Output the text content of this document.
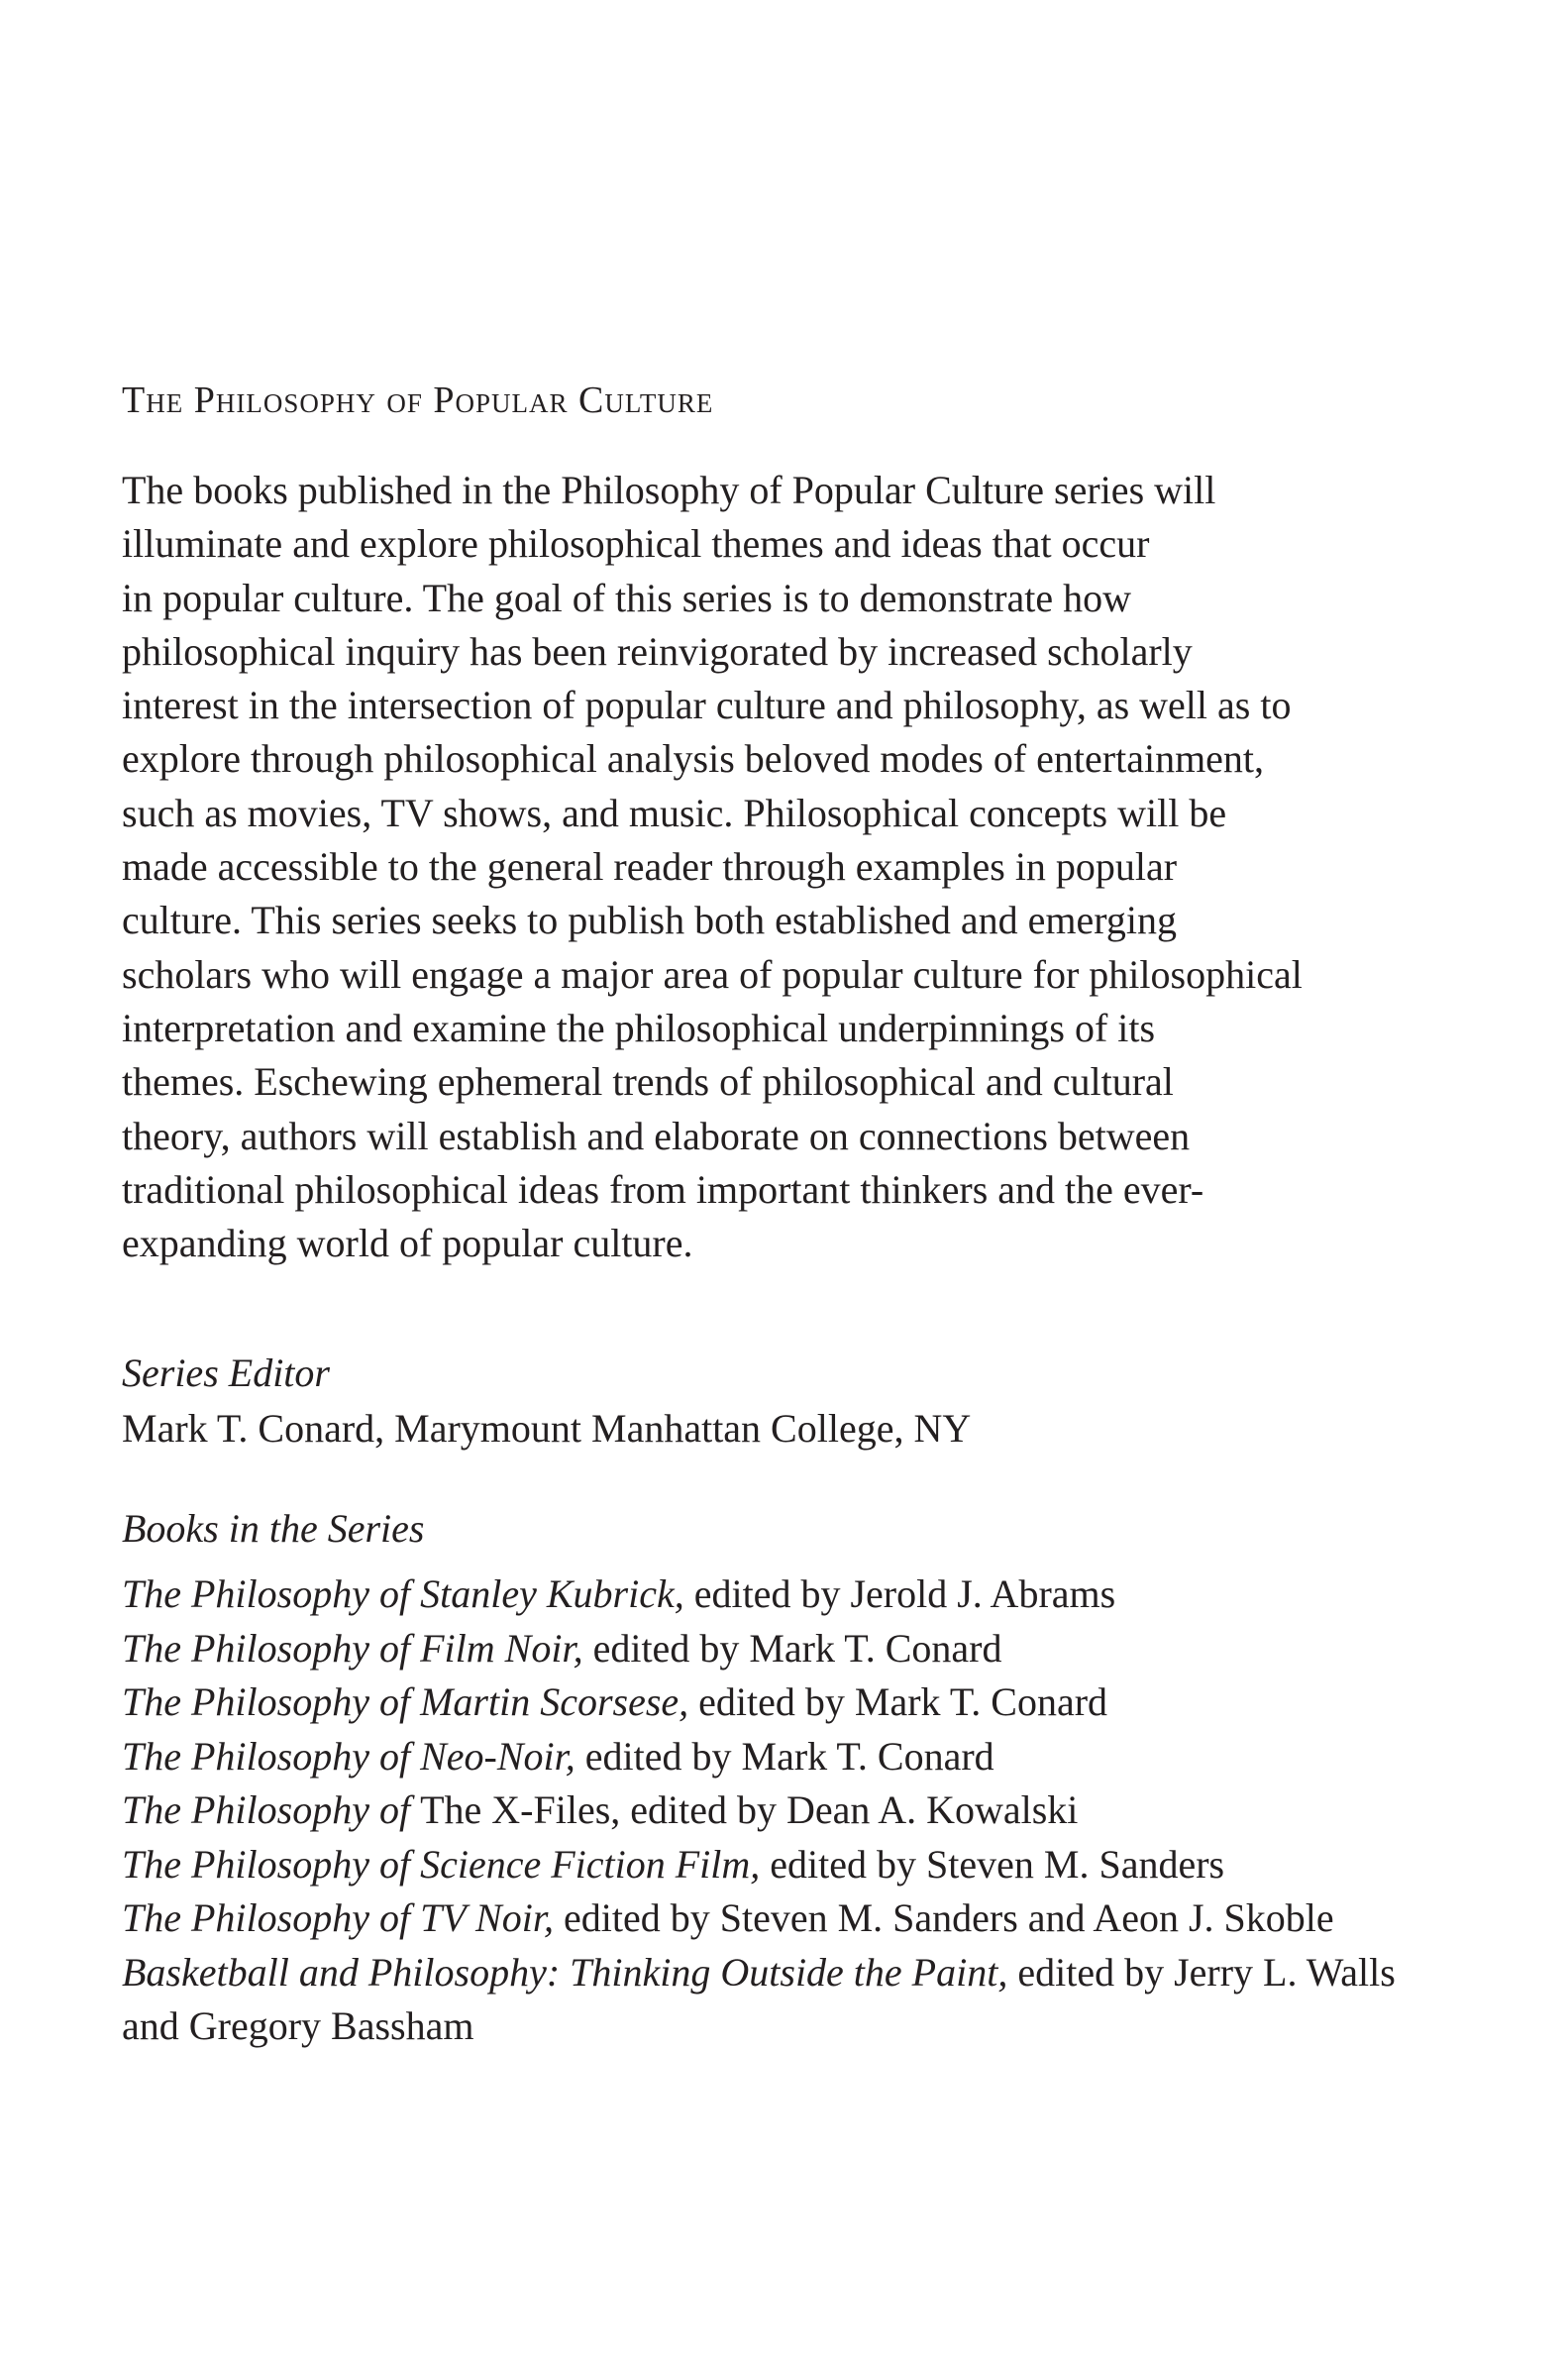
The Philosophy of Popular Culture
The books published in the Philosophy of Popular Culture series will
illuminate and explore philosophical themes and ideas that occur
in popular culture. The goal of this series is to demonstrate how
philosophical inquiry has been reinvigorated by increased scholarly
interest in the intersection of popular culture and philosophy, as well as to
explore through philosophical analysis beloved modes of entertainment,
such as movies, TV shows, and music. Philosophical concepts will be
made accessible to the general reader through examples in popular
culture. This series seeks to publish both established and emerging
scholars who will engage a major area of popular culture for philosophical
interpretation and examine the philosophical underpinnings of its
themes. Eschewing ephemeral trends of philosophical and cultural
theory, authors will establish and elaborate on connections between
traditional philosophical ideas from important thinkers and the ever-
expanding world of popular culture.
Series Editor
Mark T. Conard, Marymount Manhattan College, NY
Books in the Series
The Philosophy of Stanley Kubrick, edited by Jerold J. Abrams
The Philosophy of Film Noir, edited by Mark T. Conard
The Philosophy of Martin Scorsese, edited by Mark T. Conard
The Philosophy of Neo-Noir, edited by Mark T. Conard
The Philosophy of The X-Files, edited by Dean A. Kowalski
The Philosophy of Science Fiction Film, edited by Steven M. Sanders
The Philosophy of TV Noir, edited by Steven M. Sanders and Aeon J. Skoble
Basketball and Philosophy: Thinking Outside the Paint, edited by Jerry L. Walls
and Gregory Bassham
